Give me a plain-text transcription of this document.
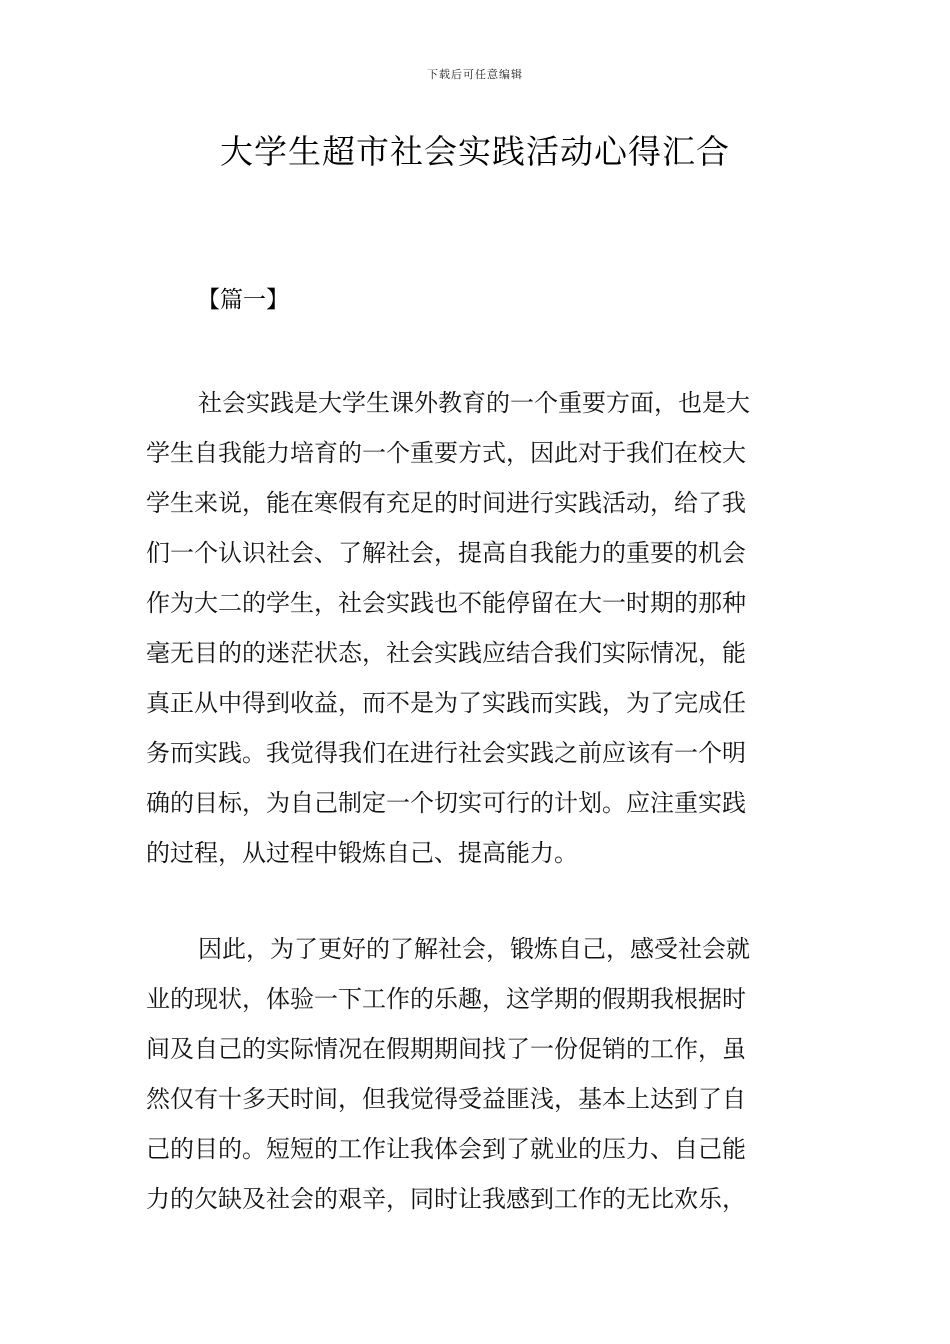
下载后可任意编辑
大学生超市社会实践活动心得汇合
【篇一】
社会实践是大学生课外教育的一个重要方面，也是大
学生自我能力培育的一个重要方式，因此对于我们在校大
学生来说，能在寒假有充足的时间进行实践活动，给了我
们一个认识社会、了解社会，提高自我能力的重要的机会
作为大二的学生，社会实践也不能停留在大一时期的那种
毫无目的的迷茫状态，社会实践应结合我们实际情况，能
真正从中得到收益，而不是为了实践而实践，为了完成任
务而实践。我觉得我们在进行社会实践之前应该有一个明
确的目标，为自己制定一个切实可行的计划。应注重实践
的过程，从过程中锻炼自己、提高能力。
因此，为了更好的了解社会，锻炼自己，感受社会就
业的现状，体验一下工作的乐趣，这学期的假期我根据时
间及自己的实际情况在假期期间找了一份促销的工作，虽
然仅有十多天时间，但我觉得受益匪浅，基本上达到了自
己的目的。短短的工作让我体会到了就业的压力、自己能
力的欠缺及社会的艰辛，同时让我感到工作的无比欢乐，
